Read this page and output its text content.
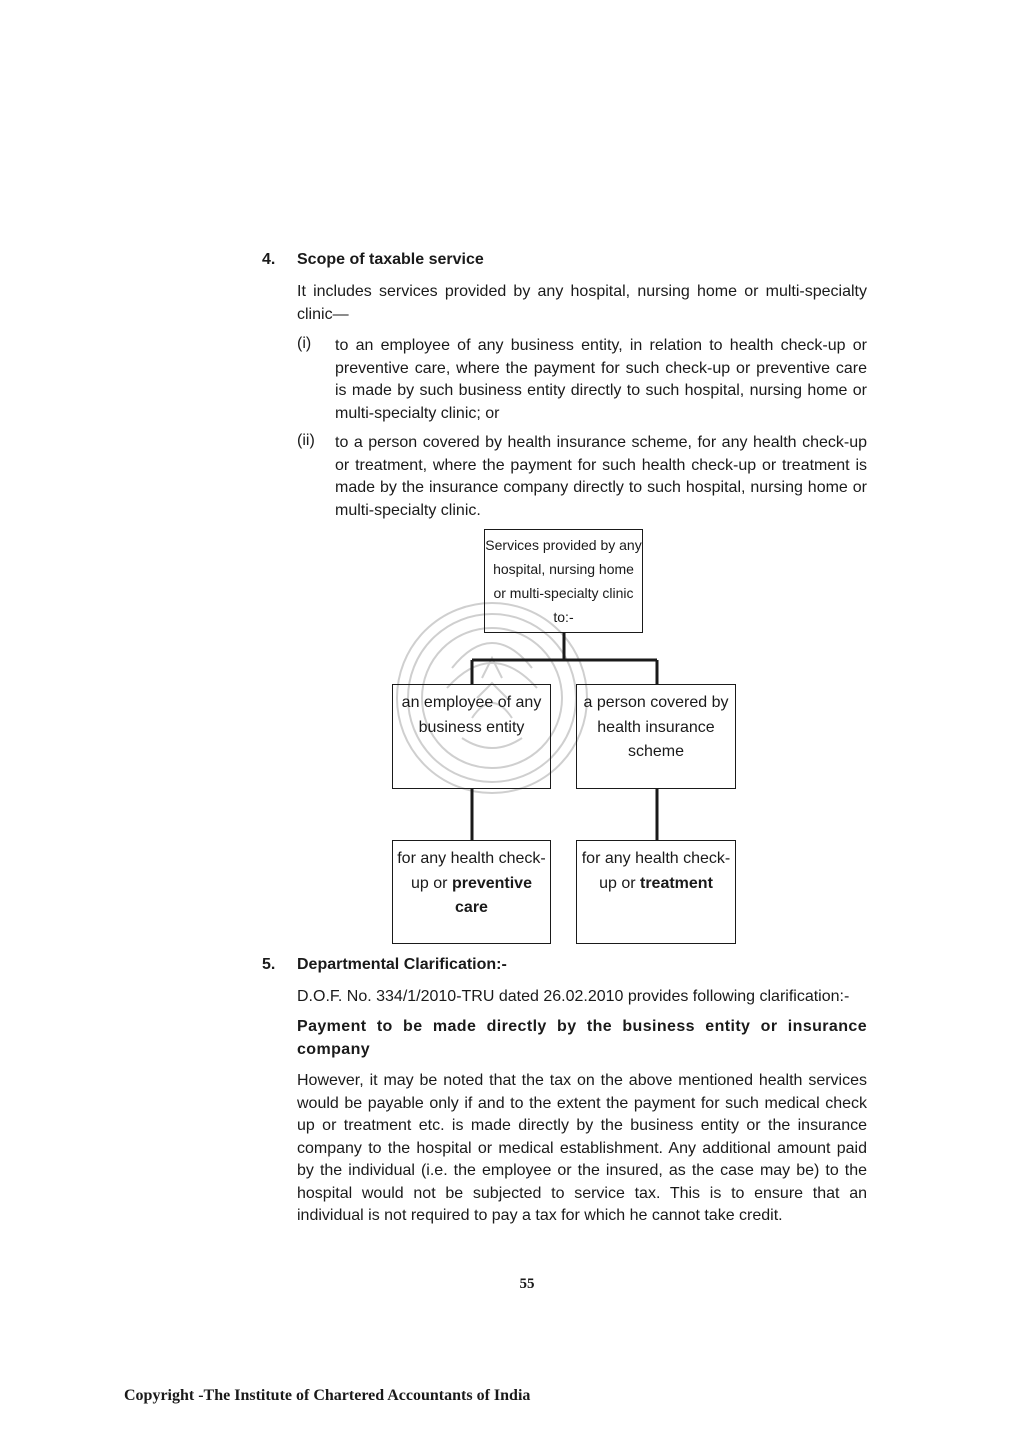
4. Scope of taxable service
It includes services provided by any hospital, nursing home or multi-specialty clinic—
(i) to an employee of any business entity, in relation to health check-up or preventive care, where the payment for such check-up or preventive care is made by such business entity directly to such hospital, nursing home or multi-specialty clinic; or
(ii) to a person covered by health insurance scheme, for any health check-up or treatment, where the payment for such health check-up or treatment is made by the insurance company directly to such hospital, nursing home or multi-specialty clinic.
Services provided by any hospital, nursing home or multi-specialty clinic to:-
an employee of any business entity
a person covered by health insurance scheme
for any health check-up or preventive care
for any health check-up or treatment
5. Departmental Clarification:-
D.O.F. No. 334/1/2010-TRU dated 26.02.2010 provides following clarification:-
Payment to be made directly by the business entity or insurance company
However, it may be noted that the tax on the above mentioned health services would be payable only if and to the extent the payment for such medical check up or treatment etc. is made directly by the business entity or the insurance company to the hospital or medical establishment. Any additional amount paid by the individual (i.e. the employee or the insured, as the case may be) to the hospital would not be subjected to service tax. This is to ensure that an individual is not required to pay a tax for which he cannot take credit.
55
Copyright -The Institute of Chartered Accountants of India
